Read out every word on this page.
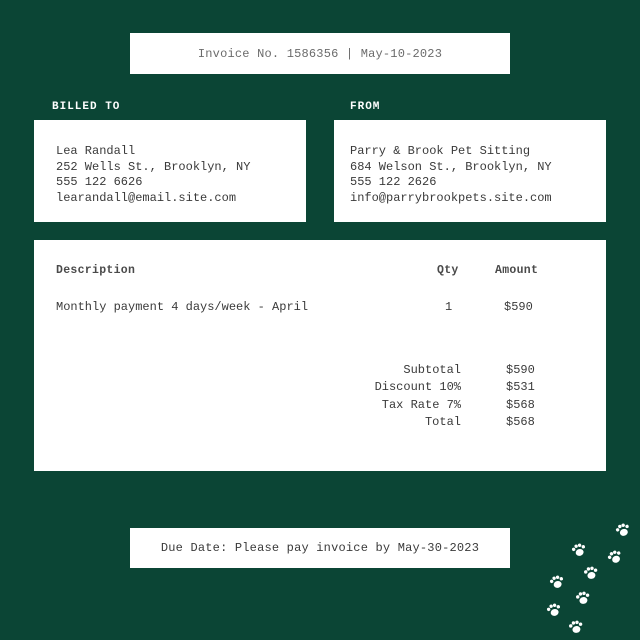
Invoice No. 1586356 | May-10-2023
BILLED TO	FROM
Lea Randall
252 Wells St., Brooklyn, NY
555 122 6626
learandall@email.site.com
Parry & Brook Pet Sitting
684 Welson St., Brooklyn, NY
555 122 2626
info@parrybrookpets.site.com
Description	Qty	Amount
Monthly payment 4 days/week - April	1	$590
Subtotal	$590
Discount 10%	$531
Tax Rate 7%	$568
Total	$568
Due Date: Please pay invoice by May-30-2023
